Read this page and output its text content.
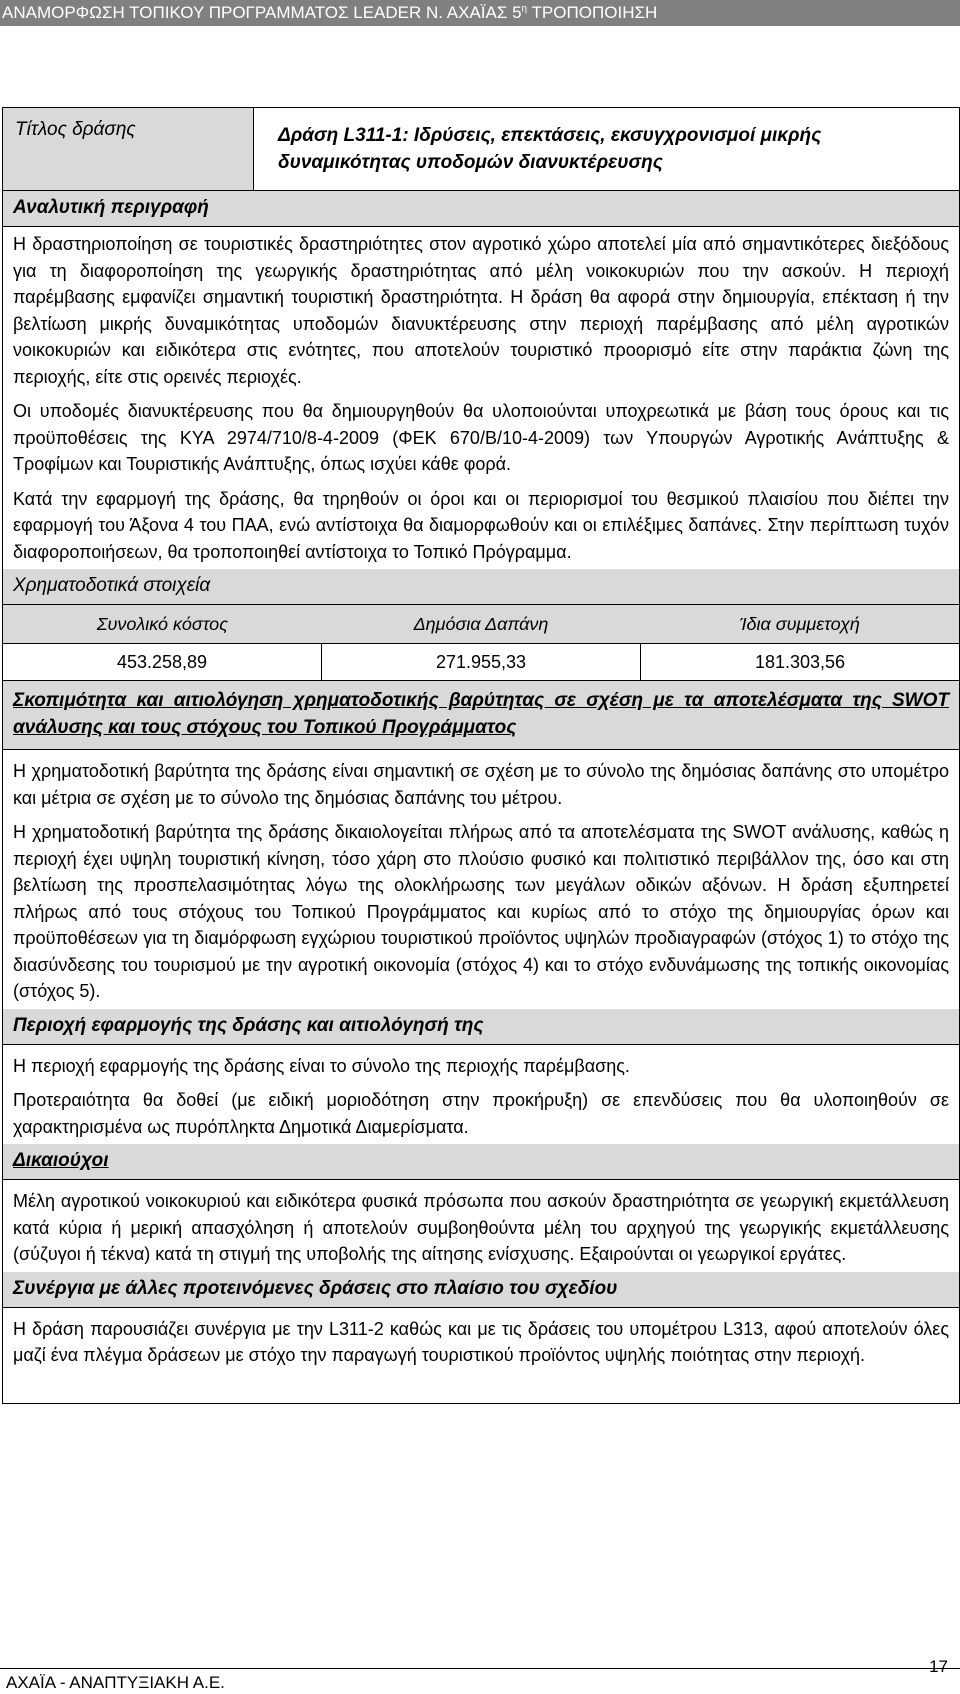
ΑΝΑΜΟΡΦΩΣΗ ΤΟΠΙΚΟΥ ΠΡΟΓΡΑΜΜΑΤΟΣ LEADER Ν. ΑΧΑΪΑΣ $5^\eta$ ΤΡΟΠΟΠΟΙΗΣΗ
Τίτλος δράσης	Δράση L311-1: Ιδρύσεις, επεκτάσεις, εκσυγχρονισμοί μικρής δυναμικότητας υποδομών διανυκτέρευσης
Αναλυτική περιγραφή

Η δραστηριοποίηση σε τουριστικές δραστηριότητες στον αγροτικό χώρο αποτελεί μία από σημαντικότερες διεξόδους για τη διαφοροποίηση της γεωργικής δραστηριότητας από μέλη νοικοκυριών που την ασκούν. Η περιοχή παρέμβασης εμφανίζει σημαντική τουριστική δραστηριότητα. Η δράση θα αφορά στην δημιουργία, επέκταση ή την βελτίωση μικρής δυναμικότητας υποδομών διανυκτέρευσης στην περιοχή παρέμβασης από μέλη αγροτικών νοικοκυριών και ειδικότερα στις ενότητες, που αποτελούν τουριστικό προορισμό είτε στην παράκτια ζώνη της περιοχής, είτε στις ορεινές περιοχές.

Οι υποδομές διανυκτέρευσης που θα δημιουργηθούν θα υλοποιούνται υποχρεωτικά με βάση τους όρους και τις προϋποθέσεις της ΚΥΑ 2974/710/8-4-2009 (ΦΕΚ 670/Β/10-4-2009) των Υπουργών Αγροτικής Ανάπτυξης & Τροφίμων και Τουριστικής Ανάπτυξης, όπως ισχύει κάθε φορά.

Κατά την εφαρμογή της δράσης, θα τηρηθούν οι όροι και οι περιορισμοί του θεσμικού πλαισίου που διέπει την εφαρμογή του Άξονα 4 του ΠΑΑ, ενώ αντίστοιχα θα διαμορφωθούν και οι επιλέξιμες δαπάνες. Στην περίπτωση τυχόν διαφοροποιήσεων, θα τροποποιηθεί αντίστοιχα το Τοπικό Πρόγραμμα.

Χρηματοδοτικά στοιχεία
Συνολικό κόστος	Δημόσια Δαπάνη	Ίδια συμμετοχή
453.258,89	271.955,33	181.303,56
Σκοπιμότητα και αιτιολόγηση χρηματοδοτικής βαρύτητας σε σχέση με τα αποτελέσματα της SWOT ανάλυσης και τους στόχους του Τοπικού Προγράμματος

Η χρηματοδοτική βαρύτητα της δράσης είναι σημαντική σε σχέση με το σύνολο της δημόσιας δαπάνης στο υπομέτρο και μέτρια σε σχέση με το σύνολο της δημόσιας δαπάνης του μέτρου.

Η χρηματοδοτική βαρύτητα της δράσης δικαιολογείται πλήρως από τα αποτελέσματα της SWOT ανάλυσης, καθώς η περιοχή έχει υψηλη τουριστική κίνηση, τόσο χάρη στο πλούσιο φυσικό και πολιτιστικό περιβάλλον της, όσο και στη βελτίωση της προσπελασιμότητας λόγω της ολοκλήρωσης των μεγάλων οδικών αξόνων. Η δράση εξυπηρετεί πλήρως από τους στόχους του Τοπικού Προγράμματος και κυρίως από το στόχο της δημιουργίας όρων και προϋποθέσεων για τη διαμόρφωση εγχώριου τουριστικού προϊόντος υψηλών προδιαγραφών (στόχος 1) το στόχο της διασύνδεσης του τουρισμού με την αγροτική οικονομία (στόχος 4) και το στόχο ενδυνάμωσης της τοπικής οικονομίας (στόχος 5).

Περιοχή εφαρμογής της δράσης και αιτιολόγησή της

Η περιοχή εφαρμογής της δράσης είναι το σύνολο της περιοχής παρέμβασης.

Προτεραιότητα θα δοθεί (με ειδική μοριοδότηση στην προκήρυξη) σε επενδύσεις που θα υλοποιηθούν σε χαρακτηρισμένα ως πυρόπληκτα Δημοτικά Διαμερίσματα.

Δικαιούχοι

Μέλη αγροτικού νοικοκυριού και ειδικότερα φυσικά πρόσωπα που ασκούν δραστηριότητα σε γεωργική εκμετάλλευση κατά κύρια ή μερική απασχόληση ή αποτελούν συμβοηθούντα μέλη του αρχηγού της γεωργικής εκμετάλλευσης (σύζυγοι ή τέκνα) κατά τη στιγμή της υποβολής της αίτησης ενίσχυσης. Εξαιρούνται οι γεωργικοί εργάτες.

Συνέργια με άλλες προτεινόμενες δράσεις στο πλαίσιο του σχεδίου

Η δράση παρουσιάζει συνέργια με την L311-2 καθώς και με τις δράσεις του υπομέτρου L313, αφού αποτελούν όλες μαζί ένα πλέγμα δράσεων με στόχο την παραγωγή τουριστικού προϊόντος υψηλής ποιότητας στην περιοχή.

ΑΧΑΪΑ - ΑΝΑΠΤΥΞΙΑΚΗ Α.Ε.
17
